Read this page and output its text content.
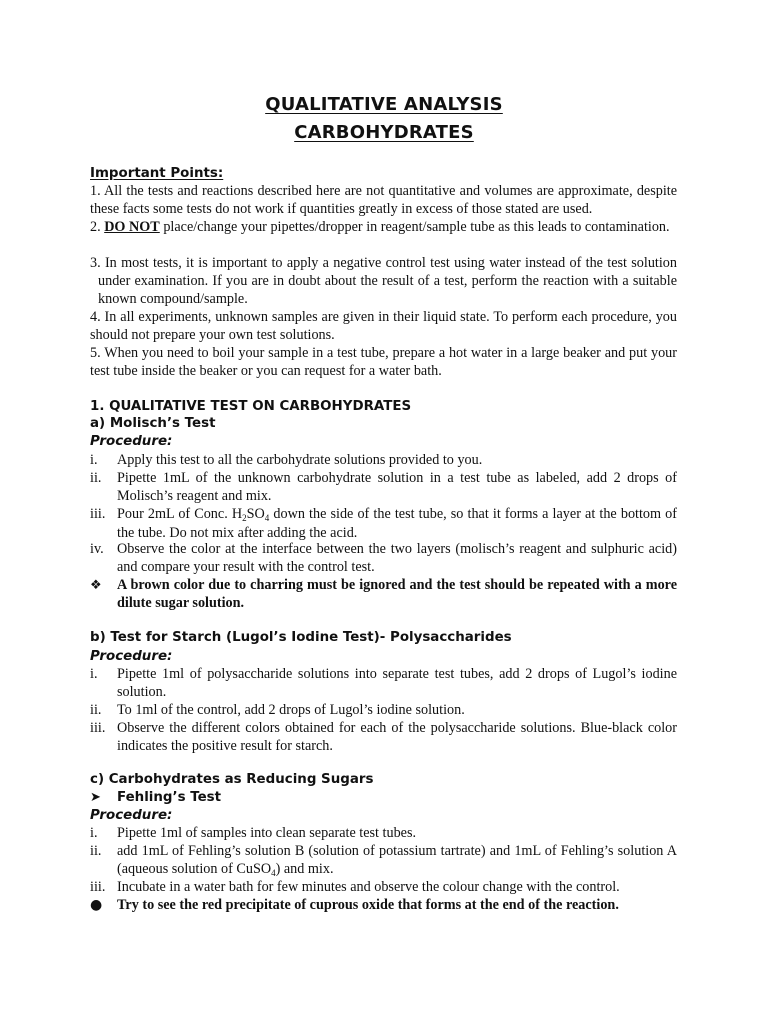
QUALITATIVE ANALYSIS
CARBOHYDRATES
Important Points:
1. All the tests and reactions described here are not quantitative and volumes are approximate, despite these facts some tests do not work if quantities greatly in excess of those stated are used.
2. DO NOT place/change your pipettes/dropper in reagent/sample tube as this leads to contamination.
3. In most tests, it is important to apply a negative control test using water instead of the test solution under examination. If you are in doubt about the result of a test, perform the reaction with a suitable known compound/sample.
4. In all experiments, unknown samples are given in their liquid state. To perform each procedure, you should not prepare your own test solutions.
5. When you need to boil your sample in a test tube, prepare a hot water in a large beaker and put your test tube inside the beaker or you can request for a water bath.
1. QUALITATIVE TEST ON CARBOHYDRATES
a) Molisch’s Test
Procedure:
i. Apply this test to all the carbohydrate solutions provided to you.
ii. Pipette 1mL of the unknown carbohydrate solution in a test tube as labeled, add 2 drops of Molisch’s reagent and mix.
iii. Pour 2mL of Conc. $H_2SO_4$ down the side of the test tube, so that it forms a layer at the bottom of the tube. Do not mix after adding the acid.
iv. Observe the color at the interface between the two layers (molisch’s reagent and sulphuric acid) and compare your result with the control test.
❖ A brown color due to charring must be ignored and the test should be repeated with a more dilute sugar solution.
b) Test for Starch (Lugol’s Iodine Test)- Polysaccharides
Procedure:
i. Pipette 1ml of polysaccharide solutions into separate test tubes, add 2 drops of Lugol’s iodine solution.
ii. To 1ml of the control, add 2 drops of Lugol’s iodine solution.
iii. Observe the different colors obtained for each of the polysaccharide solutions. Blue-black color indicates the positive result for starch.
c) Carbohydrates as Reducing Sugars
➤ Fehling’s Test
Procedure:
i. Pipette 1ml of samples into clean separate test tubes.
ii. add 1mL of Fehling’s solution B (solution of potassium tartrate) and 1mL of Fehling’s solution A (aqueous solution of CuSO$_4$) and mix.
iii. Incubate in a water bath for few minutes and observe the colour change with the control.
● Try to see the red precipitate of cuprous oxide that forms at the end of the reaction.
